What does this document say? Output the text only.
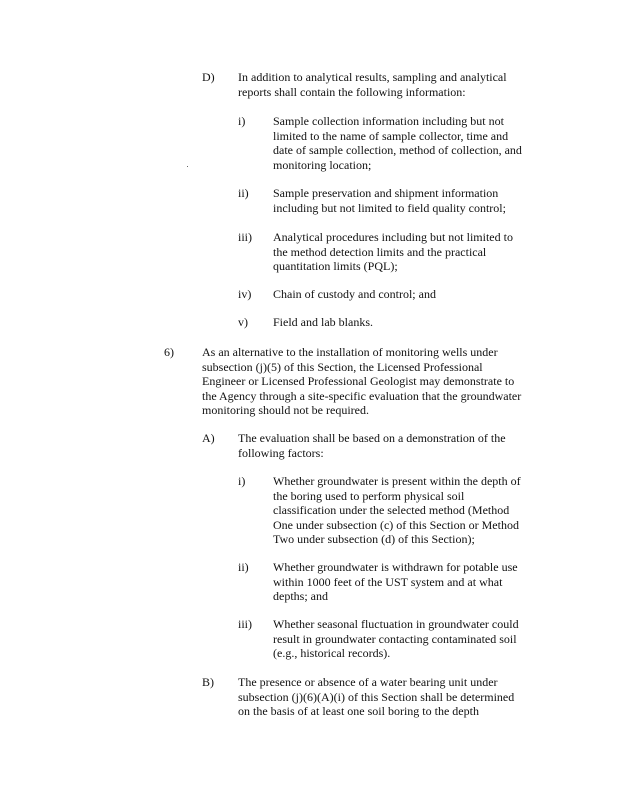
D) In addition to analytical results, sampling and analytical
reports shall contain the following information:
i) Sample collection information including but not
limited to the name of sample collector, time and
date of sample collection, method of collection, and
monitoring location;
ii) Sample preservation and shipment information
including but not limited to field quality control;
iii) Analytical procedures including but not limited to
the method detection limits and the practical
quantitation limits (PQL);
iv) Chain of custody and control; and
v) Field and lab blanks.
6) As an alternative to the installation of monitoring wells under
subsection (j)(5) of this Section, the Licensed Professional
Engineer or Licensed Professional Geologist may demonstrate to
the Agency through a site-specific evaluation that the groundwater
monitoring should not be required.
A) The evaluation shall be based on a demonstration of the
following factors:
i) Whether groundwater is present within the depth of
the boring used to perform physical soil
classification under the selected method (Method
One under subsection (c) of this Section or Method
Two under subsection (d) of this Section);
ii) Whether groundwater is withdrawn for potable use
within 1000 feet of the UST system and at what
depths; and
iii) Whether seasonal fluctuation in groundwater could
result in groundwater contacting contaminated soil
(e.g., historical records).
B) The presence or absence of a water bearing unit under
subsection (j)(6)(A)(i) of this Section shall be determined
on the basis of at least one soil boring to the depth
